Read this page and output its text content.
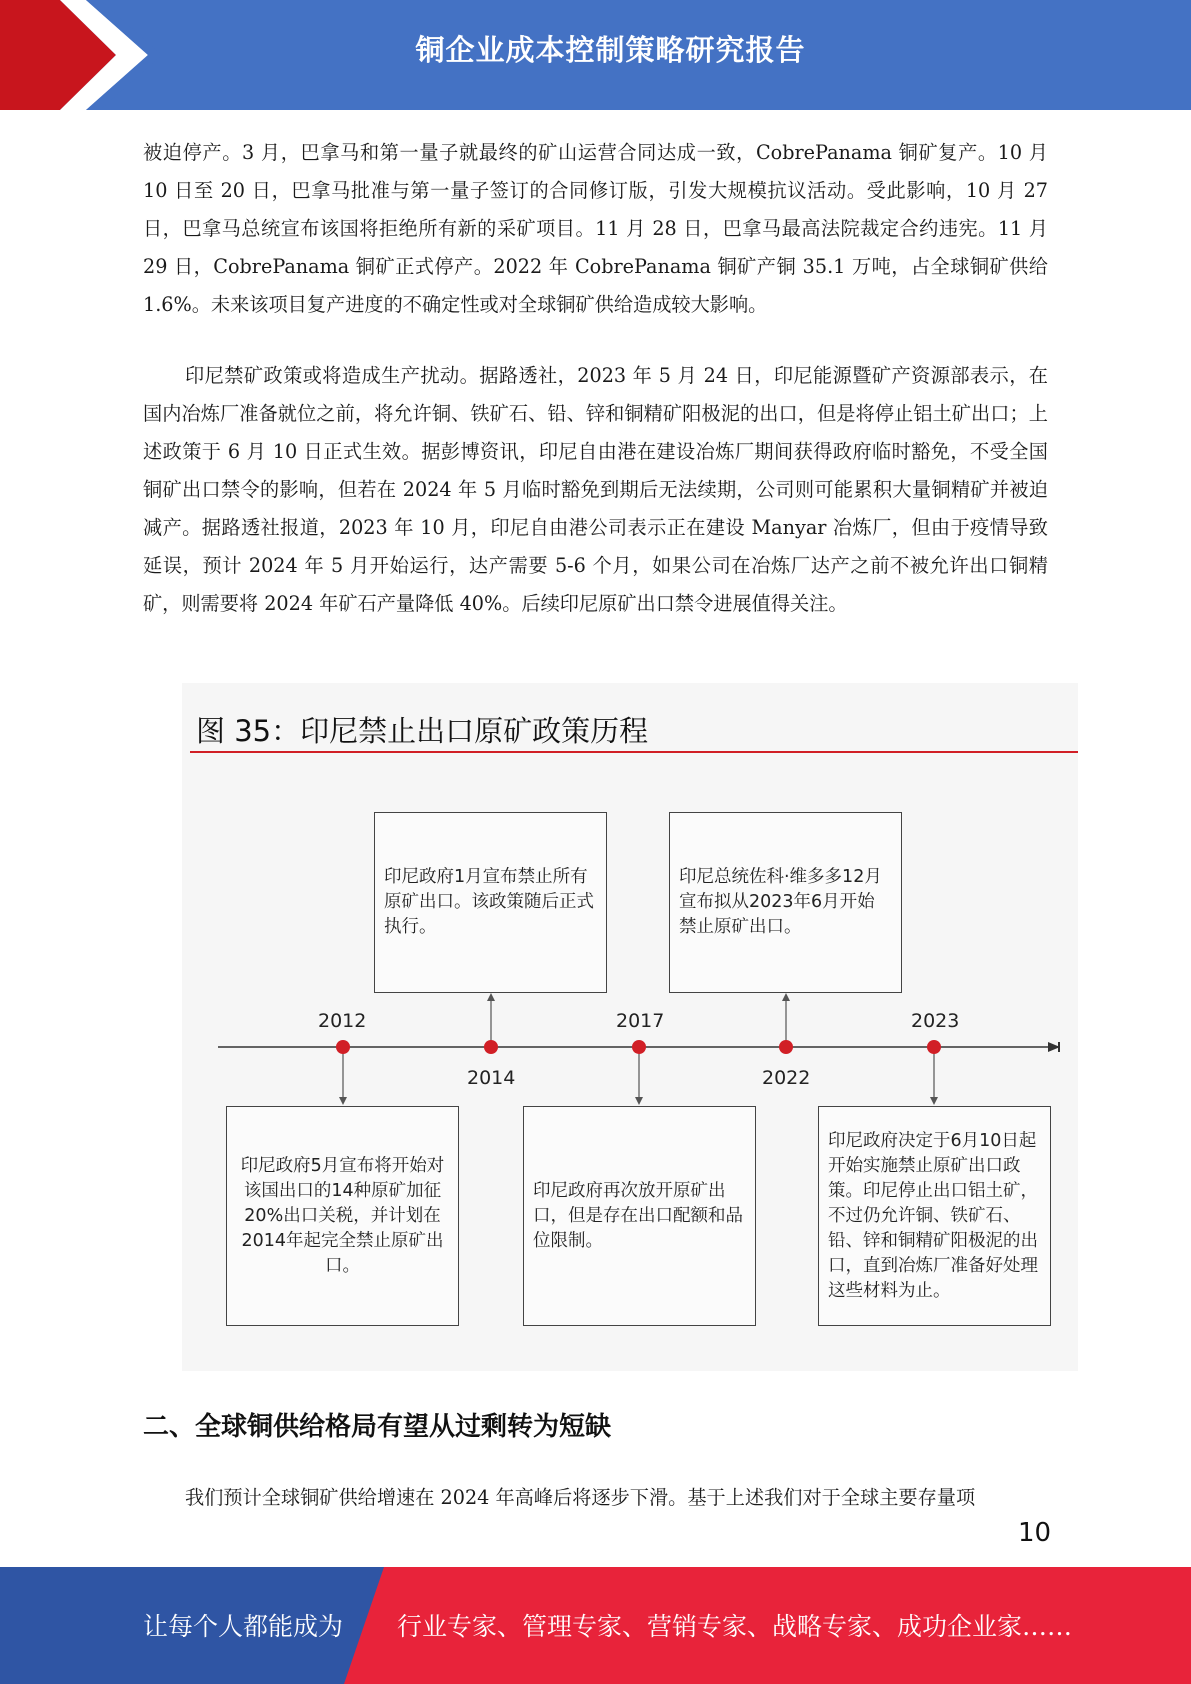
铜企业成本控制策略研究报告

被迫停产。3 月，巴拿马和第一量子就最终的矿山运营合同达成一致，CobrePanama 铜矿复产。10 月 10 日至 20 日，巴拿马批准与第一量子签订的合同修订版，引发大规模抗议活动。受此影响，10 月 27 日，巴拿马总统宣布该国将拒绝所有新的采矿项目。11 月 28 日，巴拿马最高法院裁定合约违宪。11 月 29 日，CobrePanama 铜矿正式停产。2022 年 CobrePanama 铜矿产铜 35.1 万吨，占全球铜矿供给 1.6%。未来该项目复产进度的不确定性或对全球铜矿供给造成较大影响。

印尼禁矿政策或将造成生产扰动。据路透社，2023 年 5 月 24 日，印尼能源暨矿产资源部表示，在国内冶炼厂准备就位之前，将允许铜、铁矿石、铅、锌和铜精矿阳极泥的出口，但是将停止铝土矿出口；上述政策于 6 月 10 日正式生效。据彭博资讯，印尼自由港在建设冶炼厂期间获得政府临时豁免，不受全国铜矿出口禁令的影响，但若在 2024 年 5 月临时豁免到期后无法续期，公司则可能累积大量铜精矿并被迫减产。据路透社报道，2023 年 10 月，印尼自由港公司表示正在建设 Manyar 冶炼厂，但由于疫情导致延误，预计 2024 年 5 月开始运行，达产需要 5-6 个月，如果公司在冶炼厂达产之前不被允许出口铜精矿，则需要将 2024 年矿石产量降低 40%。后续印尼原矿出口禁令进展值得关注。

图 35：印尼禁止出口原矿政策历程
2012
2014
2017
2022
2023
印尼政府1月宣布禁止所有原矿出口。该政策随后正式执行。
印尼总统佐科·维多多12月宣布拟从2023年6月开始禁止原矿出口。
印尼政府5月宣布将开始对该国出口的14种原矿加征20%出口关税，并计划在2014年起完全禁止原矿出口。
印尼政府再次放开原矿出口，但是存在出口配额和品位限制。
印尼政府决定于6月10日起开始实施禁止原矿出口政策。印尼停止出口铝土矿，不过仍允许铜、铁矿石、铅、锌和铜精矿阳极泥的出口，直到冶炼厂准备好处理这些材料为止。
二、全球铜供给格局有望从过剩转为短缺

我们预计全球铜矿供给增速在 2024 年高峰后将逐步下滑。基于上述我们对于全球主要存量项

10
让每个人都能成为 行业专家、管理专家、营销专家、战略专家、成功企业家……
